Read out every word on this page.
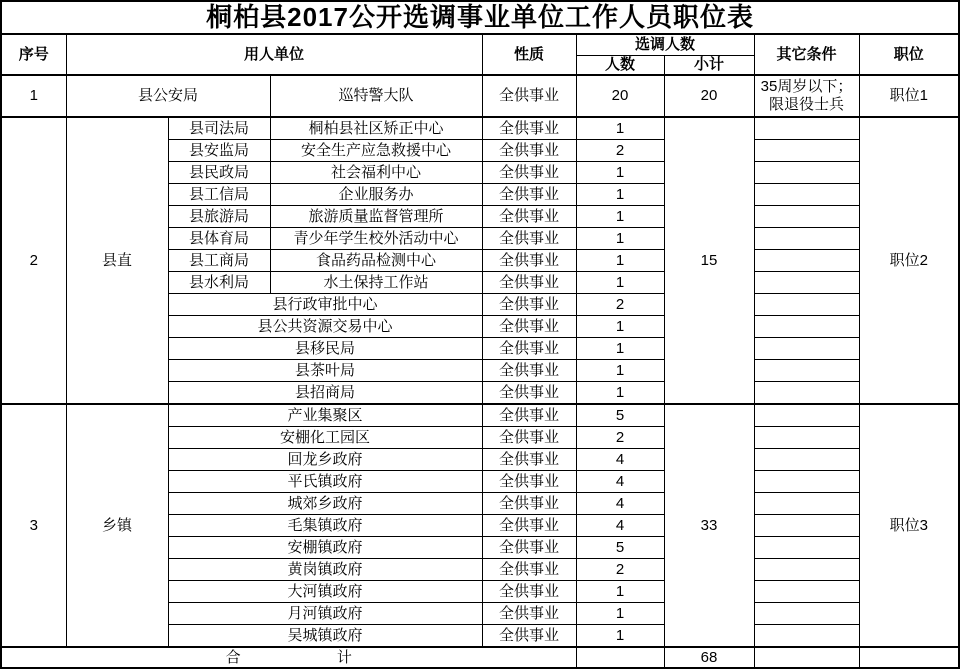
桐柏县2017公开选调事业单位工作人员职位表								
序号	用人单位			性质	选调人数		其它条件	职位
					人数	小计		
1	县公安局		巡特警大队	全供事业	20	20	35周岁以下；限退役士兵	职位1
2	县直	县司法局	桐柏县社区矫正中心	全供事业	1	15		职位2
		县安监局	安全生产应急救援中心	全供事业	2			
		县民政局	社会福利中心	全供事业	1			
		县工信局	企业服务办	全供事业	1			
		县旅游局	旅游质量监督管理所	全供事业	1			
		县体育局	青少年学生校外活动中心	全供事业	1			
		县工商局	食品药品检测中心	全供事业	1			
		县水利局	水土保持工作站	全供事业	1			
		县行政审批中心		全供事业	2			
		县公共资源交易中心		全供事业	1			
		县移民局		全供事业	1			
		县茶叶局		全供事业	1			
		县招商局		全供事业	1			
3	乡镇	产业集聚区		全供事业	5	33		职位3
		安棚化工园区		全供事业	2			
		回龙乡政府		全供事业	4			
		平氏镇政府		全供事业	4			
		城郊乡政府		全供事业	4			
		毛集镇政府		全供事业	4			
		安棚镇政府		全供事业	5			
		黄岗镇政府		全供事业	2			
		大河镇政府		全供事业	1			
		月河镇政府		全供事业	1			
		吴城镇政府		全供事业	1			
合 计						68		
